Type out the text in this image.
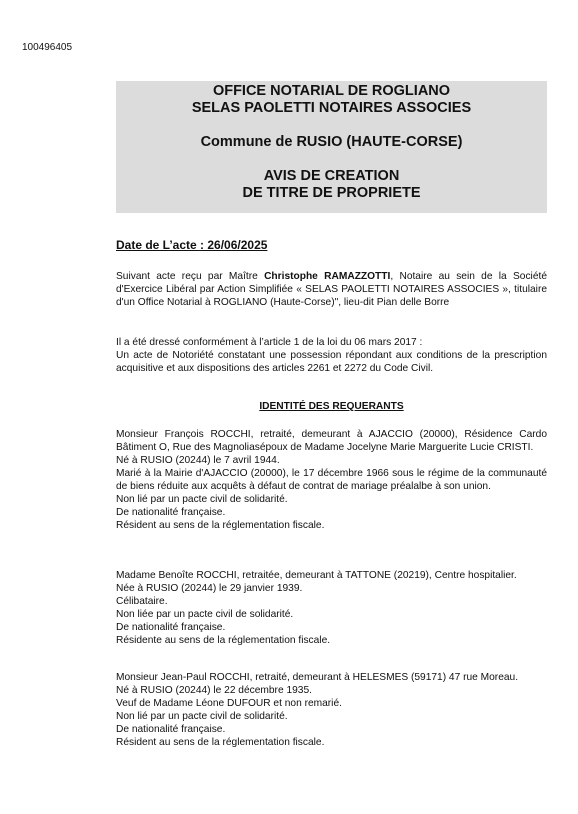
100496405
OFFICE NOTARIAL DE ROGLIANO
SELAS PAOLETTI NOTAIRES ASSOCIES
Commune de RUSIO (HAUTE-CORSE)
AVIS DE CREATION
DE TITRE DE PROPRIETE
Date de L’acte : 26/06/2025
Suivant acte reçu par Maître Christophe RAMAZZOTTI, Notaire au sein de la Société d'Exercice Libéral par Action Simplifiée « SELAS PAOLETTI NOTAIRES ASSOCIES », titulaire d'un Office Notarial à ROGLIANO (Haute-Corse)", lieu-dit Pian delle Borre
Il a été dressé conformément à l’article 1 de la loi du 06 mars 2017 :
Un acte de Notoriété constatant une possession répondant aux conditions de la prescription acquisitive et aux dispositions des articles 2261 et 2272 du Code Civil.
IDENTITÉ DES REQUERANTS
Monsieur François ROCCHI, retraité, demeurant à AJACCIO (20000), Résidence Cardo Bâtiment O, Rue des Magnoliasépoux de Madame Jocelyne Marie Marguerite Lucie CRISTI.
Né à RUSIO (20244) le 7 avril 1944.
Marié à la Mairie d'AJACCIO (20000), le 17 décembre 1966 sous le régime de la communauté de biens réduite aux acquêts à défaut de contrat de mariage préalalbe à son union.
Non lié par un pacte civil de solidarité.
De nationalité française.
Résident au sens de la réglementation fiscale.
Madame Benoîte ROCCHI, retraitée, demeurant à TATTONE (20219), Centre hospitalier.
Née à RUSIO (20244) le 29 janvier 1939.
Célibataire.
Non liée par un pacte civil de solidarité.
De nationalité française.
Résidente au sens de la réglementation fiscale.
Monsieur Jean-Paul ROCCHI, retraité, demeurant à HELESMES (59171) 47 rue Moreau.
Né à RUSIO (20244) le 22 décembre 1935.
Veuf de Madame Léone DUFOUR et non remarié.
Non lié par un pacte civil de solidarité.
De nationalité française.
Résident au sens de la réglementation fiscale.
